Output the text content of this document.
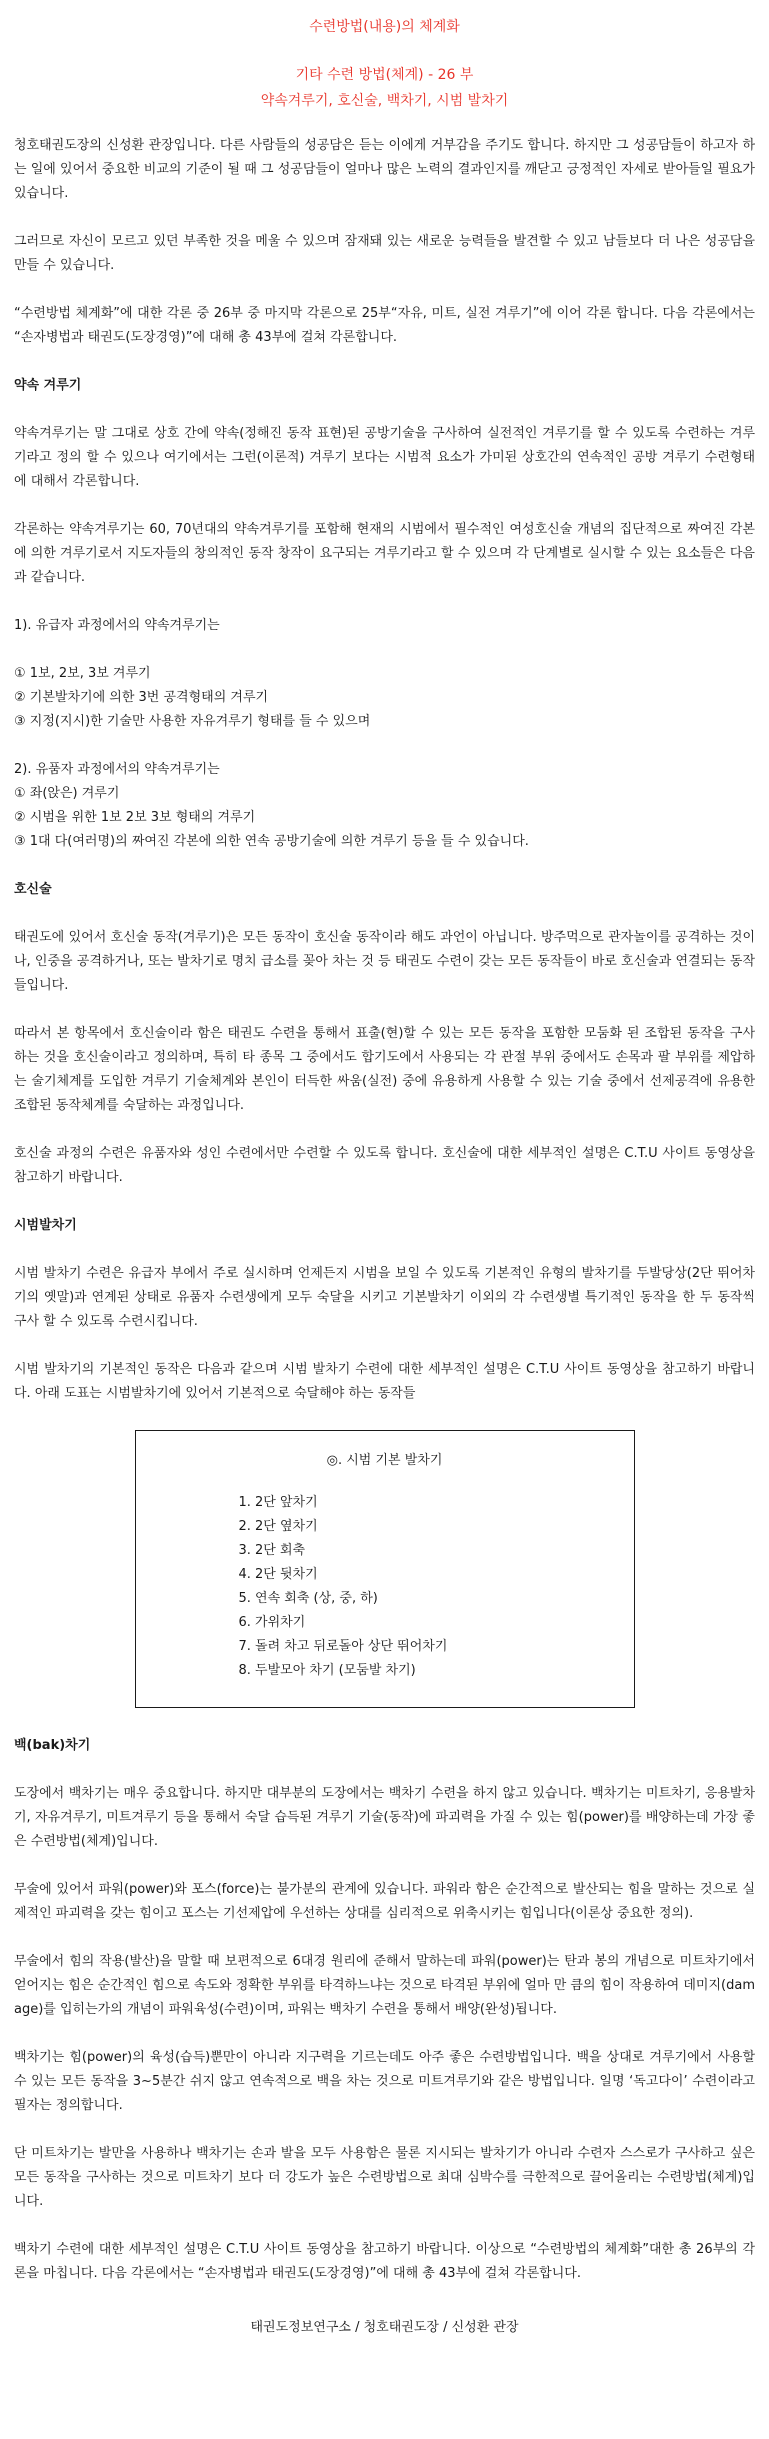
수련방법(내용)의 체계화
기타 수련 방법(체계) - 26 부
약속겨루기, 호신술, 백차기, 시범 발차기

청호태권도장의 신성환 관장입니다. 다른 사람들의 성공담은 듣는 이에게 거부감을 주기도 합니다. 하지만 그 성공담들이 하고자 하는 일에 있어서 중요한 비교의 기준이 될 때 그 성공담들이 얼마나 많은 노력의 결과인지를 깨닫고 긍정적인 자세로 받아들일 필요가 있습니다.

그러므로 자신이 모르고 있던 부족한 것을 메울 수 있으며 잠재돼 있는 새로운 능력들을 발견할 수 있고 남들보다 더 나은 성공담을 만들 수 있습니다.

“수련방법 체계화”에 대한 각론 중 26부 중 마지막 각론으로 25부“자유, 미트, 실전 겨루기”에 이어 각론 합니다. 다음 각론에서는 “손자병법과 태권도(도장경영)”에 대해 총 43부에 걸쳐 각론합니다.

약속 겨루기

약속겨루기는 말 그대로 상호 간에 약속(정해진 동작 표현)된 공방기술을 구사하여 실전적인 겨루기를 할 수 있도록 수련하는 겨루기라고 정의 할 수 있으나 여기에서는 그런(이론적) 겨루기 보다는 시범적 요소가 가미된 상호간의 연속적인 공방 겨루기 수련형태에 대해서 각론합니다.

각론하는 약속겨루기는 60, 70년대의 약속겨루기를 포함해 현재의 시범에서 필수적인 여성호신술 개념의 집단적으로 짜여진 각본에 의한 겨루기로서 지도자들의 창의적인 동작 창작이 요구되는 겨루기라고 할 수 있으며 각 단계별로 실시할 수 있는 요소들은 다음과 같습니다.

1). 유급자 과정에서의 약속겨루기는
① 1보, 2보, 3보 겨루기
② 기본발차기에 의한 3번 공격형태의 겨루기
③ 지정(지시)한 기술만 사용한 자유겨루기 형태를 들 수 있으며
2). 유품자 과정에서의 약속겨루기는
① 좌(앉은) 겨루기
② 시범을 위한 1보 2보 3보 형태의 겨루기
③ 1대 다(여러명)의 짜여진 각본에 의한 연속 공방기술에 의한 겨루기 등을 들 수 있습니다.
호신술

태권도에 있어서 호신술 동작(겨루기)은 모든 동작이 호신술 동작이라 해도 과언이 아닙니다. 방주먹으로 관자놀이를 공격하는 것이나, 인중을 공격하거나, 또는 발차기로 명치 급소를 꽂아 차는 것 등 태권도 수련이 갖는 모든 동작들이 바로 호신술과 연결되는 동작들입니다.

따라서 본 항목에서 호신술이라 함은 태권도 수련을 통해서 표출(현)할 수 있는 모든 동작을 포함한 모둠화 된 조합된 동작을 구사 하는 것을 호신술이라고 정의하며, 특히 타 종목 그 중에서도 합기도에서 사용되는 각 관절 부위 중에서도 손목과 팔 부위를 제압하는 술기체계를 도입한 겨루기 기술체계와 본인이 터득한 싸움(실전) 중에 유용하게 사용할 수 있는 기술 중에서 선제공격에 유용한 조합된 동작체계를 숙달하는 과정입니다.

호신술 과정의 수련은 유품자와 성인 수련에서만 수련할 수 있도록 합니다. 호신술에 대한 세부적인 설명은 C.T.U 사이트 동영상을 참고하기 바랍니다.

시범발차기

시범 발차기 수련은 유급자 부에서 주로 실시하며 언제든지 시범을 보일 수 있도록 기본적인 유형의 발차기를 두발당상(2단 뛰어차기의 옛말)과 연계된 상태로 유품자 수련생에게 모두 숙달을 시키고 기본발차기 이외의 각 수련생별 특기적인 동작을 한 두 동작씩 구사 할 수 있도록 수련시킵니다.

시범 발차기의 기본적인 동작은 다음과 같으며 시범 발차기 수련에 대한 세부적인 설명은 C.T.U 사이트 동영상을 참고하기 바랍니다. 아래 도표는 시범발차기에 있어서 기본적으로 숙달해야 하는 동작들

◎. 시범 기본 발차기
1. 2단 앞차기
2. 2단 옆차기
3. 2단 회축
4. 2단 뒷차기
5. 연속 회축 (상, 중, 하)
6. 가위차기
7. 돌려 차고 뒤로돌아 상단 뛰어차기
8. 두발모아 차기 (모둠발 차기)
백(bak)차기

도장에서 백차기는 매우 중요합니다. 하지만 대부분의 도장에서는 백차기 수련을 하지 않고 있습니다. 백차기는 미트차기, 응용발차기, 자유겨루기, 미트겨루기 등을 통해서 숙달 습득된 겨루기 기술(동작)에 파괴력을 가질 수 있는 힘(power)를 배양하는데 가장 좋은 수련방법(체계)입니다.

무술에 있어서 파워(power)와 포스(force)는 불가분의 관계에 있습니다. 파워라 함은 순간적으로 발산되는 힘을 말하는 것으로 실제적인 파괴력을 갖는 힘이고 포스는 기선제압에 우선하는 상대를 심리적으로 위축시키는 힘입니다(이론상 중요한 정의).

무술에서 힘의 작용(발산)을 말할 때 보편적으로 6대경 원리에 준해서 말하는데 파워(power)는 탄과 봉의 개념으로 미트차기에서 얻어지는 힘은 순간적인 힘으로 속도와 정확한 부위를 타격하느냐는 것으로 타격된 부위에 얼마 만 큼의 힘이 작용하여 데미지(damage)를 입히는가의 개념이 파워육성(수련)이며, 파워는 백차기 수련을 통해서 배양(완성)됩니다.

백차기는 힘(power)의 육성(습득)뿐만이 아니라 지구력을 기르는데도 아주 좋은 수련방법입니다. 백을 상대로 겨루기에서 사용할 수 있는 모든 동작을 3~5분간 쉬지 않고 연속적으로 백을 차는 것으로 미트겨루기와 같은 방법입니다. 일명 ‘독고다이’ 수련이라고 필자는 정의합니다.

단 미트차기는 발만을 사용하나 백차기는 손과 발을 모두 사용함은 물론 지시되는 발차기가 아니라 수련자 스스로가 구사하고 싶은 모든 동작을 구사하는 것으로 미트차기 보다 더 강도가 높은 수련방법으로 최대 심박수를 극한적으로 끌어올리는 수련방법(체계)입니다.

백차기 수련에 대한 세부적인 설명은 C.T.U 사이트 동영상을 참고하기 바랍니다. 이상으로 “수련방법의 체계화”대한 총 26부의 각론을 마칩니다. 다음 각론에서는 “손자병법과 태권도(도장경영)”에 대해 총 43부에 걸쳐 각론합니다.

태권도정보연구소 / 청호태권도장 / 신성환 관장
